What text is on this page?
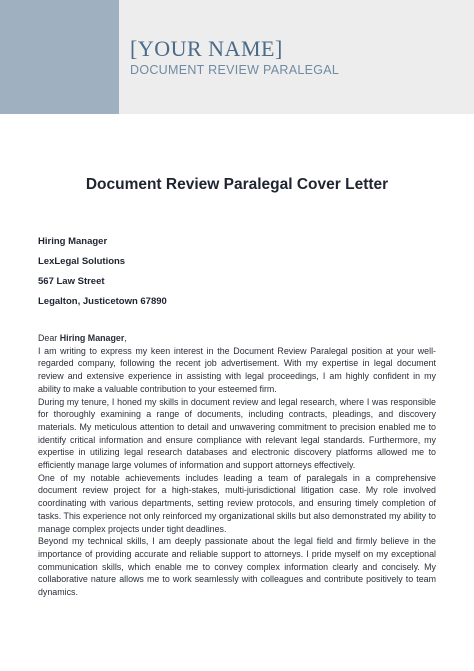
[YOUR NAME]
DOCUMENT REVIEW PARALEGAL
Document Review Paralegal Cover Letter
Hiring Manager
LexLegal Solutions
567 Law Street
Legalton, Justicetown 67890

Dear Hiring Manager,

I am writing to express my keen interest in the Document Review Paralegal position at your well-regarded company, following the recent job advertisement. With my expertise in legal document review and extensive experience in assisting with legal proceedings, I am highly confident in my ability to make a valuable contribution to your esteemed firm.

During my tenure, I honed my skills in document review and legal research, where I was responsible for thoroughly examining a range of documents, including contracts, pleadings, and discovery materials. My meticulous attention to detail and unwavering commitment to precision enabled me to identify critical information and ensure compliance with relevant legal standards. Furthermore, my expertise in utilizing legal research databases and electronic discovery platforms allowed me to efficiently manage large volumes of information and support attorneys effectively.

One of my notable achievements includes leading a team of paralegals in a comprehensive document review project for a high-stakes, multi-jurisdictional litigation case. My role involved coordinating with various departments, setting review protocols, and ensuring timely completion of tasks. This experience not only reinforced my organizational skills but also demonstrated my ability to manage complex projects under tight deadlines.

Beyond my technical skills, I am deeply passionate about the legal field and firmly believe in the importance of providing accurate and reliable support to attorneys. I pride myself on my exceptional communication skills, which enable me to convey complex information clearly and concisely. My collaborative nature allows me to work seamlessly with colleagues and contribute positively to team dynamics.
